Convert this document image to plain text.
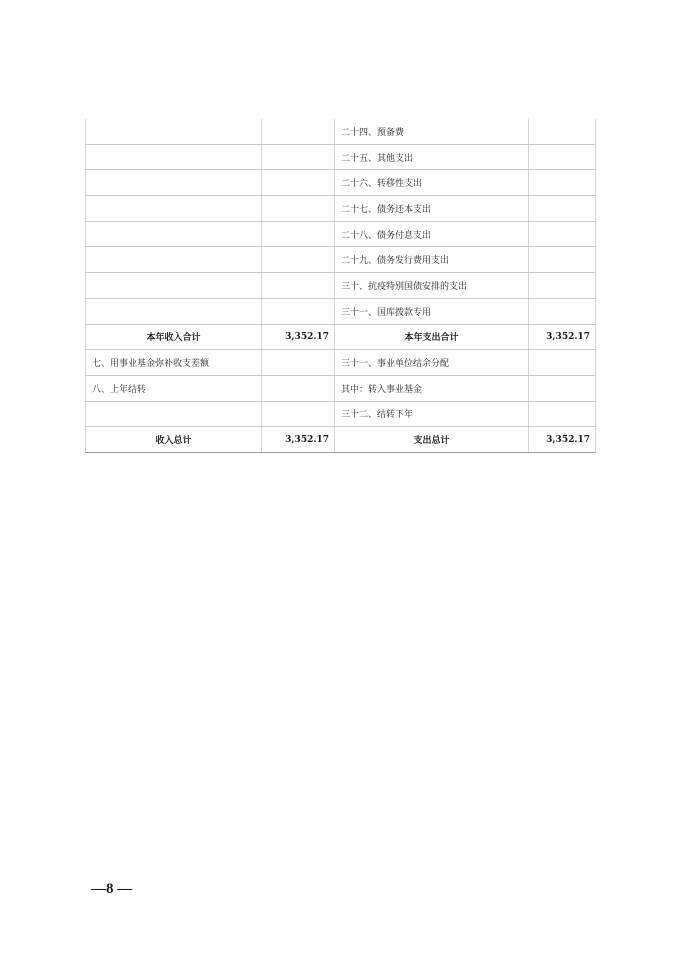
		二十四、预备费	
		二十五、其他支出	
		二十六、转移性支出	
		二十七、债务还本支出	
		二十八、债务付息支出	
		二十九、债务发行费用支出	
		三十、抗疫特别国债安排的支出	
		三十一、国库拨款专用	
本年收入合计	3,352.17	本年支出合计	3,352.17
七、用事业基金弥补收支差额		三十一、事业单位结余分配	
八、上年结转		其中：转入事业基金	
		三十二、结转下年	
收入总计	3,352.17	支出总计	3,352.17
—8 —
